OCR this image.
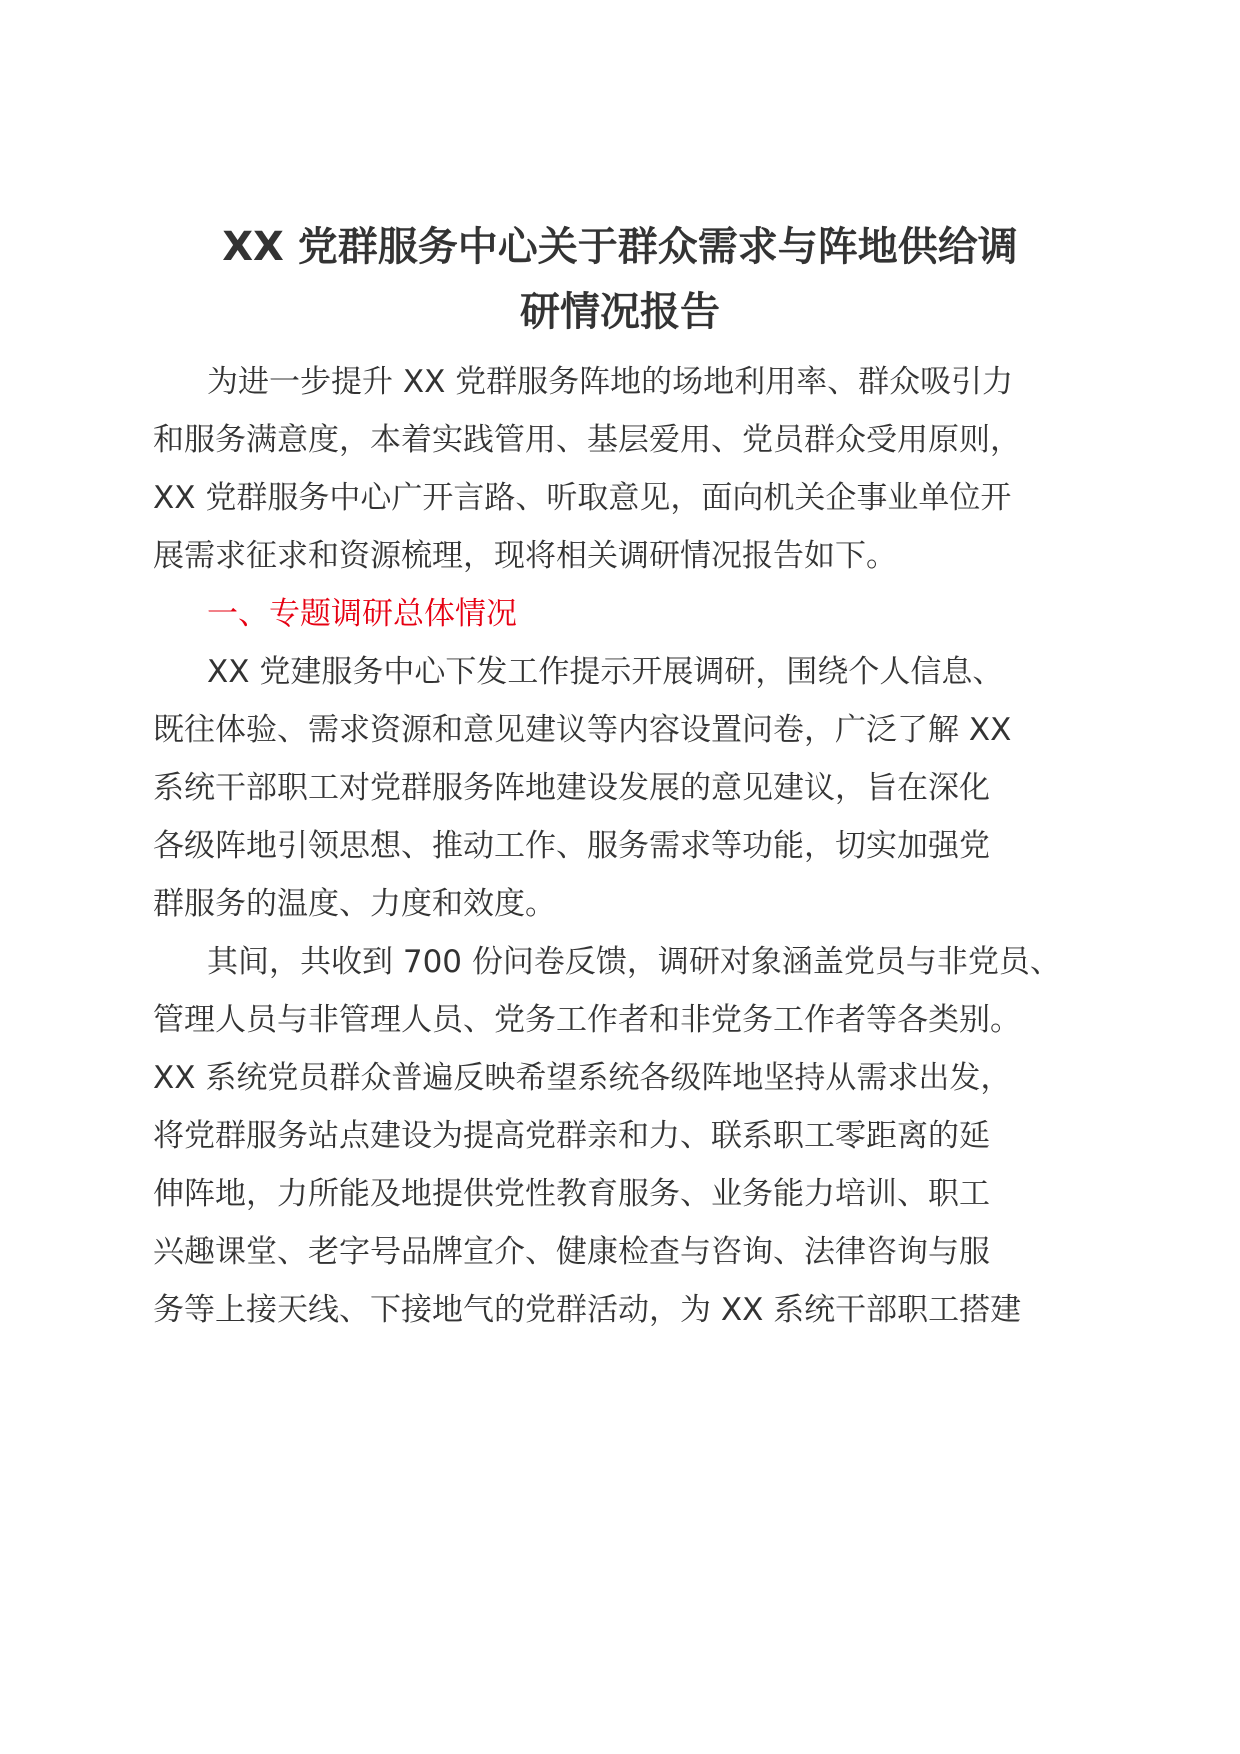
XX 党群服务中心关于群众需求与阵地供给调
研情况报告
为进一步提升 XX 党群服务阵地的场地利用率、群众吸引力
和服务满意度，本着实践管用、基层爱用、党员群众受用原则，
XX 党群服务中心广开言路、听取意见，面向机关企事业单位开
展需求征求和资源梳理，现将相关调研情况报告如下。
一、专题调研总体情况
XX 党建服务中心下发工作提示开展调研，围绕个人信息、
既往体验、需求资源和意见建议等内容设置问卷，广泛了解 XX
系统干部职工对党群服务阵地建设发展的意见建议，旨在深化
各级阵地引领思想、推动工作、服务需求等功能，切实加强党
群服务的温度、力度和效度。
其间，共收到 700 份问卷反馈，调研对象涵盖党员与非党员、
管理人员与非管理人员、党务工作者和非党务工作者等各类别。
XX 系统党员群众普遍反映希望系统各级阵地坚持从需求出发，
将党群服务站点建设为提高党群亲和力、联系职工零距离的延
伸阵地，力所能及地提供党性教育服务、业务能力培训、职工
兴趣课堂、老字号品牌宣介、健康检查与咨询、法律咨询与服
务等上接天线、下接地气的党群活动，为 XX 系统干部职工搭建
